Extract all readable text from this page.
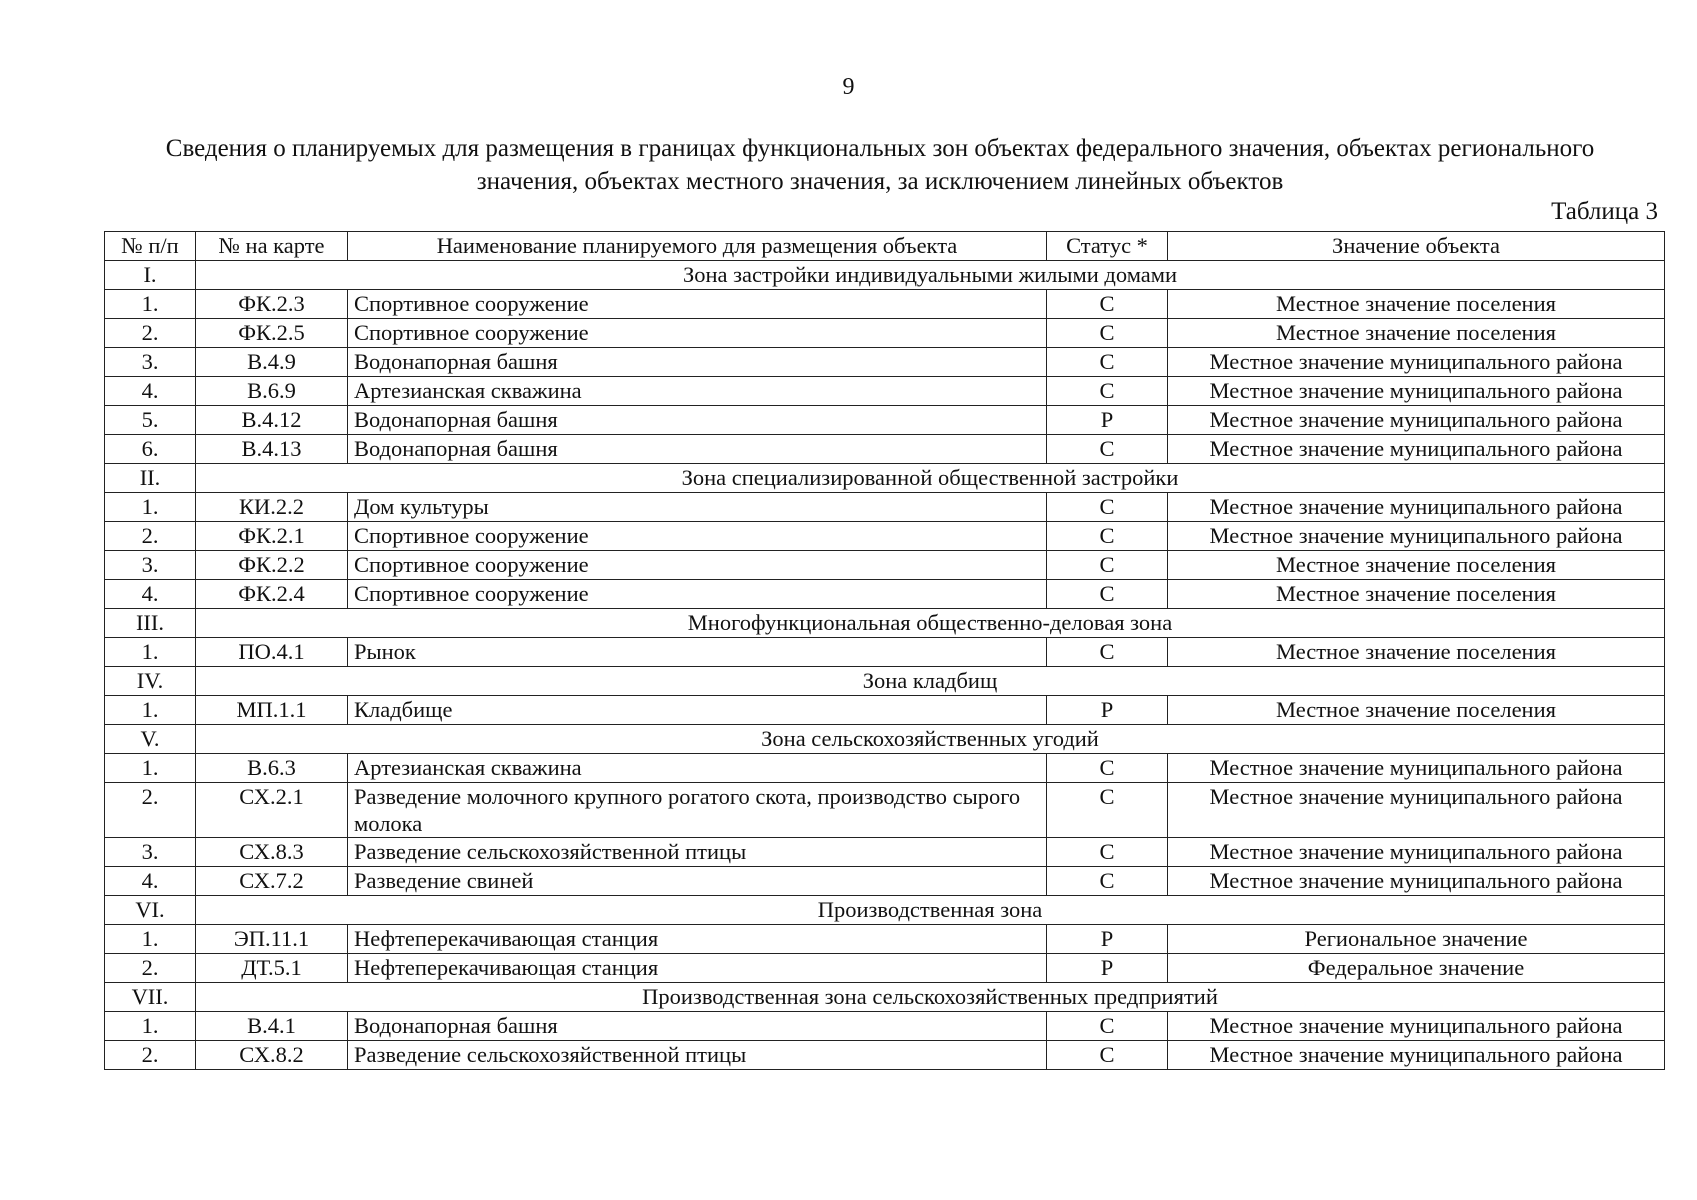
9
Сведения о планируемых для размещения в границах функциональных зон объектах федерального значения, объектах регионального значения, объектах местного значения, за исключением линейных объектов
Таблица 3
№ п/п	№ на карте	Наименование планируемого для размещения объекта	Статус *	Значение объекта
I.	Зона застройки индивидуальными жилыми домами			
1.	ФК.2.3	Спортивное сооружение	С	Местное значение поселения
2.	ФК.2.5	Спортивное сооружение	С	Местное значение поселения
3.	В.4.9	Водонапорная башня	С	Местное значение муниципального района
4.	В.6.9	Артезианская скважина	С	Местное значение муниципального района
5.	В.4.12	Водонапорная башня	Р	Местное значение муниципального района
6.	В.4.13	Водонапорная башня	С	Местное значение муниципального района
II.	Зона специализированной общественной застройки			
1.	КИ.2.2	Дом культуры	С	Местное значение муниципального района
2.	ФК.2.1	Спортивное сооружение	С	Местное значение муниципального района
3.	ФК.2.2	Спортивное сооружение	С	Местное значение поселения
4.	ФК.2.4	Спортивное сооружение	С	Местное значение поселения
III.	Многофункциональная общественно-деловая зона			
1.	ПО.4.1	Рынок	С	Местное значение поселения
IV.	Зона кладбищ			
1.	МП.1.1	Кладбище	Р	Местное значение поселения
V.	Зона сельскохозяйственных угодий			
1.	В.6.3	Артезианская скважина	С	Местное значение муниципального района
2.	СХ.2.1	Разведение молочного крупного рогатого скота, производство сырого молока	С	Местное значение муниципального района
3.	СХ.8.3	Разведение сельскохозяйственной птицы	С	Местное значение муниципального района
4.	СХ.7.2	Разведение свиней	С	Местное значение муниципального района
VI.	Производственная зона			
1.	ЭП.11.1	Нефтеперекачивающая станция	Р	Региональное значение
2.	ДТ.5.1	Нефтеперекачивающая станция	Р	Федеральное значение
VII.	Производственная зона сельскохозяйственных предприятий			
1.	В.4.1	Водонапорная башня	С	Местное значение муниципального района
2.	СХ.8.2	Разведение сельскохозяйственной птицы	С	Местное значение муниципального района
